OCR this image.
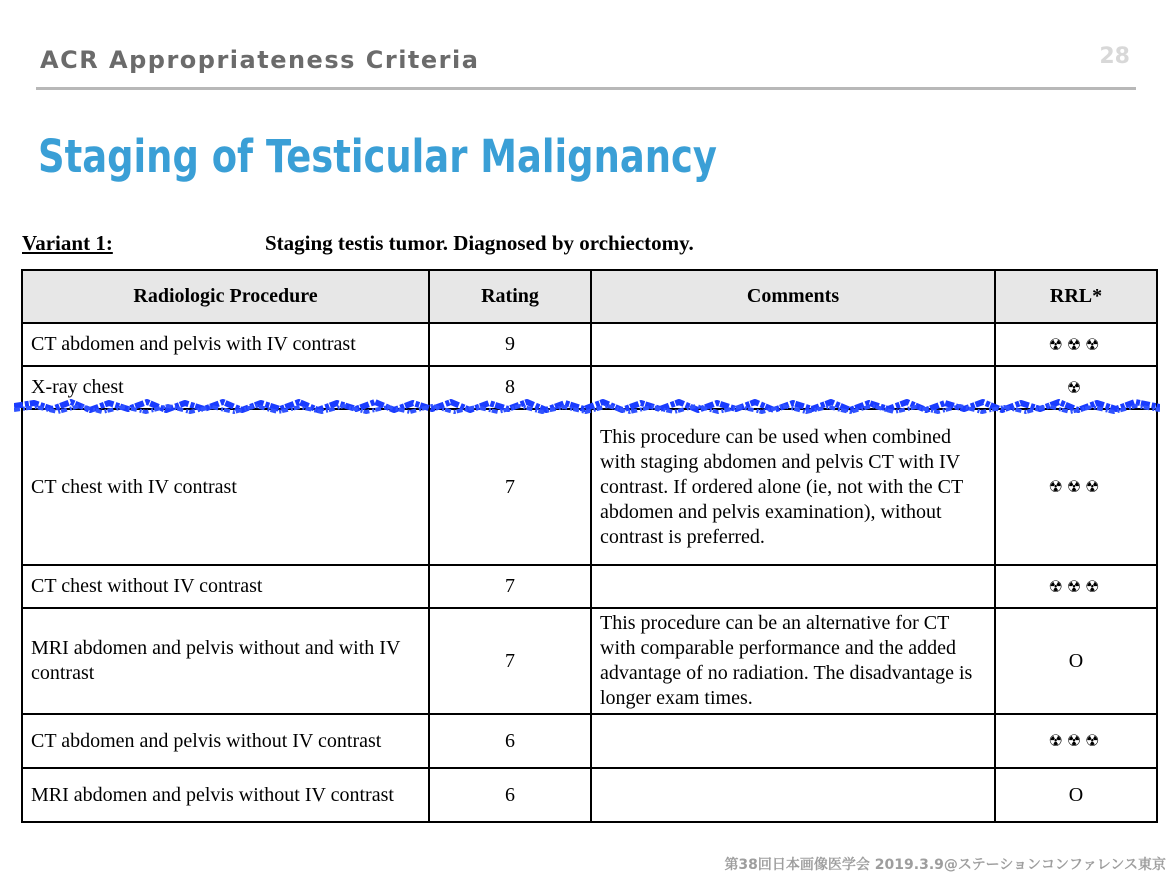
ACR Appropriateness Criteria	28
Staging of Testicular Malignancy
Variant 1:	Staging testis tumor. Diagnosed by orchiectomy.
Radiologic Procedure	Rating	Comments	RRL*
CT abdomen and pelvis with IV contrast	9		☢☢☢
X-ray chest	8		☢
CT chest with IV contrast	7	This procedure can be used when combined with staging abdomen and pelvis CT with IV contrast. If ordered alone (ie, not with the CT abdomen and pelvis examination), without contrast is preferred.	☢☢☢
CT chest without IV contrast	7		☢☢☢
MRI abdomen and pelvis without and with IV contrast	7	This procedure can be an alternative for CT with comparable performance and the added advantage of no radiation. The disadvantage is longer exam times.	O
CT abdomen and pelvis without IV contrast	6		☢☢☢
MRI abdomen and pelvis without IV contrast	6		O
第38回日本画像医学会 2019.3.9@ステーションコンファレンス東京
